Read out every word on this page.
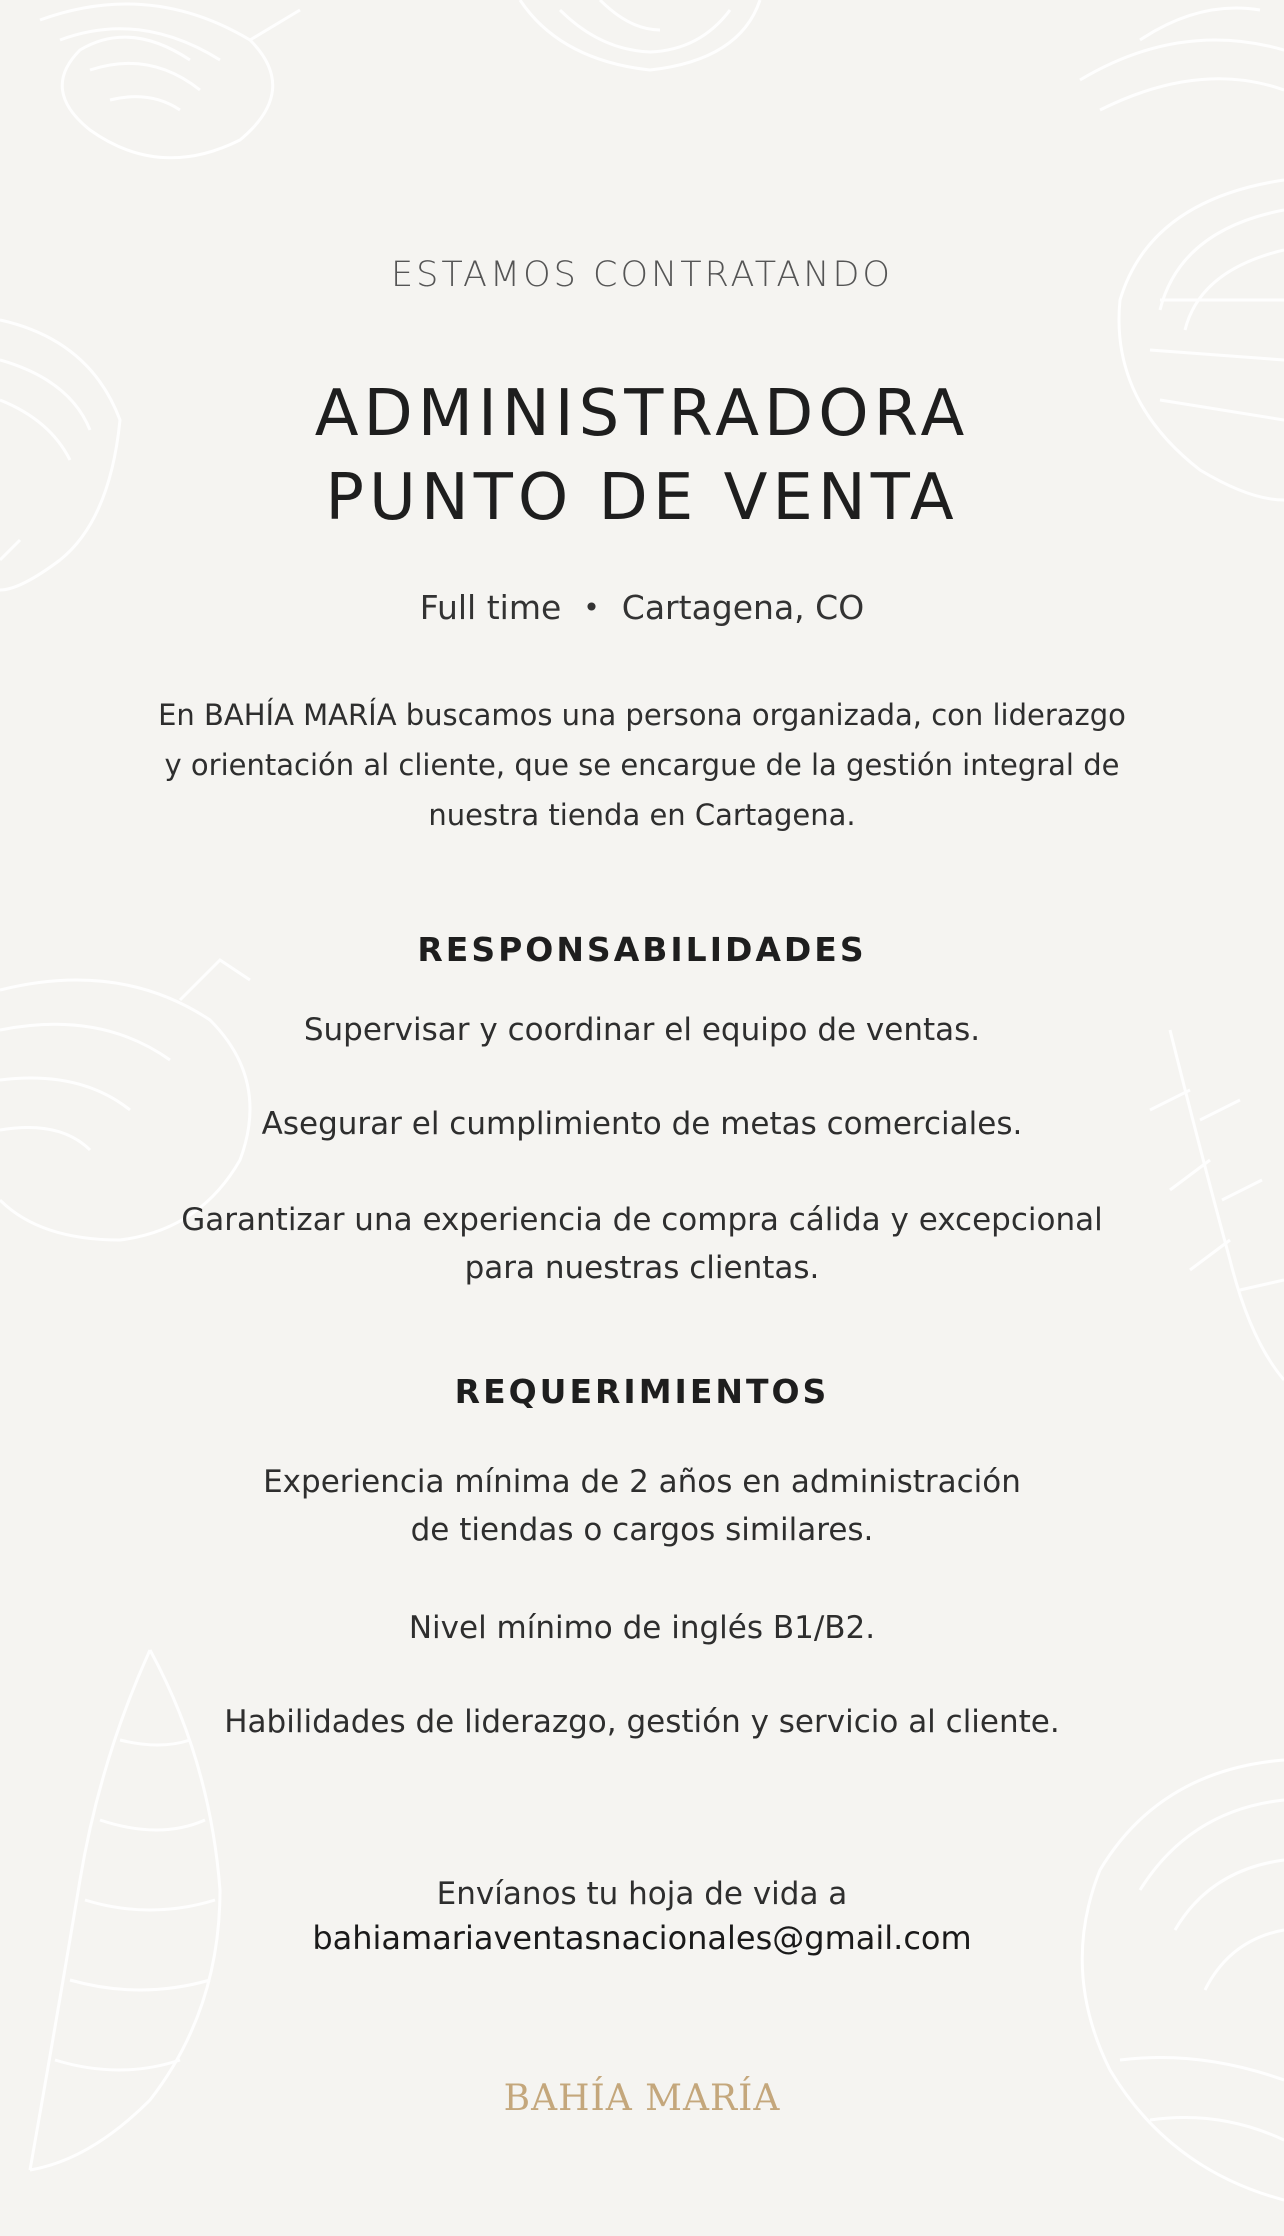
ESTAMOS CONTRATANDO
ADMINISTRADORA
PUNTO DE VENTA
Full time • Cartagena, CO
En BAHÍA MARÍA buscamos una persona organizada, con liderazgo y orientación al cliente, que se encargue de la gestión integral de nuestra tienda en Cartagena.
RESPONSABILIDADES
Supervisar y coordinar el equipo de ventas.
Asegurar el cumplimiento de metas comerciales.
Garantizar una experiencia de compra cálida y excepcional para nuestras clientas.
REQUERIMIENTOS
Experiencia mínima de 2 años en administración de tiendas o cargos similares.
Nivel mínimo de inglés B1/B2.
Habilidades de liderazgo, gestión y servicio al cliente.
Envíanos tu hoja de vida a
bahiamariaventasnacionales@gmail.com
BAHÍA MARÍA
